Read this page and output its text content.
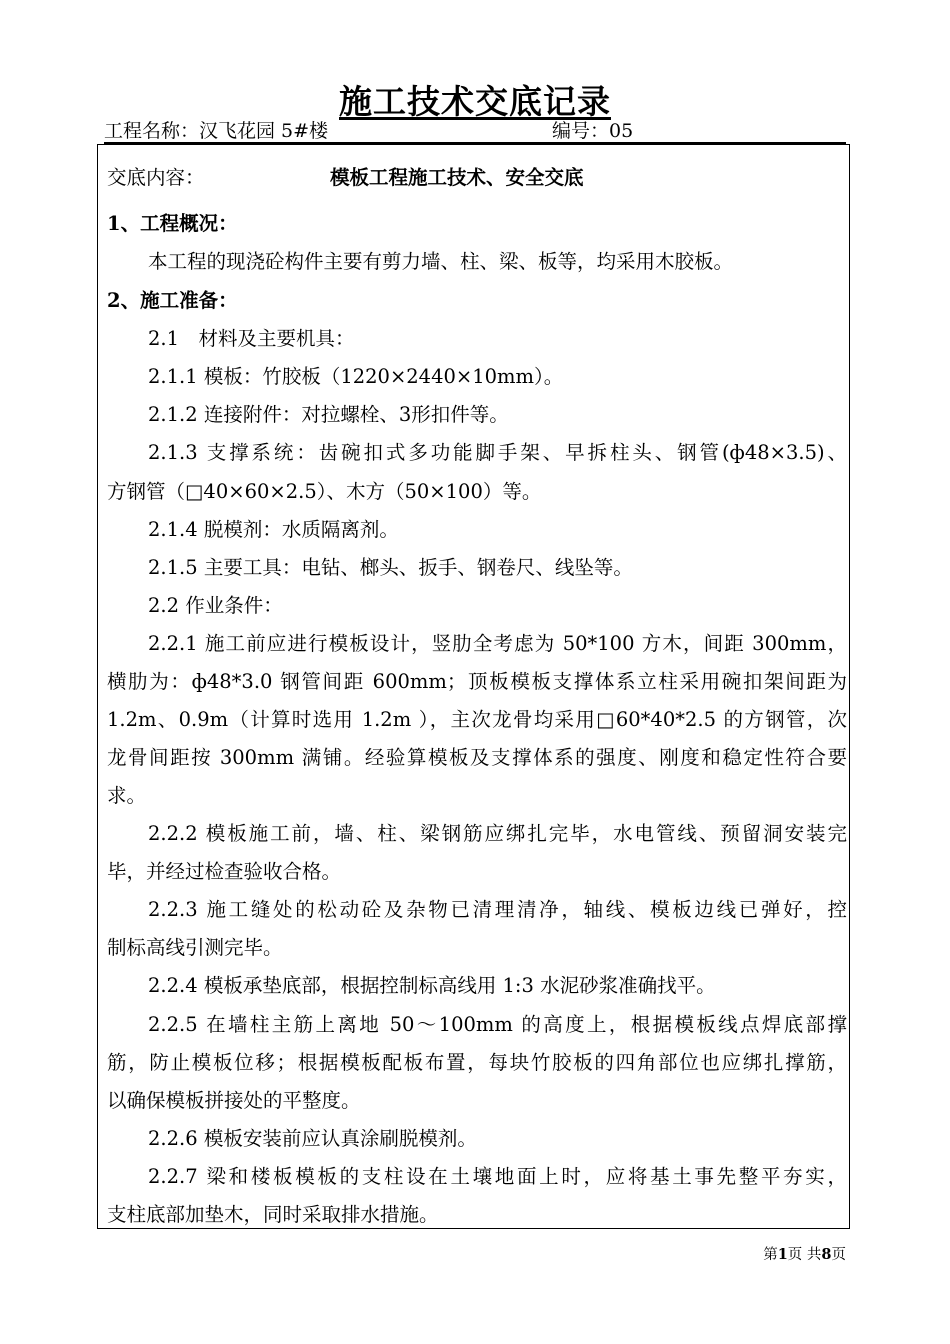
施工技术交底记录
工程名称：汉飞花园 5#楼	编号：05
交底内容：	模板工程施工技术、安全交底
1、工程概况：
本工程的现浇砼构件主要有剪力墙、柱、梁、板等，均采用木胶板。
2、施工准备：
2.1　材料及主要机具：
2.1.1 模板：竹胶板（1220×2440×10mm）。
2.1.2 连接附件：对拉螺栓、3形扣件等。
2.1.3 支撑系统：齿碗扣式多功能脚手架、早拆柱头、钢管(ф48×3.5)、
方钢管（□40×60×2.5）、木方（50×100）等。
2.1.4 脱模剂：水质隔离剂。
2.1.5 主要工具：电钻、榔头、扳手、钢卷尺、线坠等。
2.2 作业条件：
2.2.1 施工前应进行模板设计，竖肋全考虑为 50*100 方木，间距 300mm，
横肋为：ф48*3.0 钢管间距 600mm；顶板模板支撑体系立柱采用碗扣架间距为
1.2m、0.9m（计算时选用 1.2m ），主次龙骨均采用□60*40*2.5 的方钢管，次
龙骨间距按 300mm 满铺。经验算模板及支撑体系的强度、刚度和稳定性符合要
求。
2.2.2 模板施工前，墙、柱、梁钢筋应绑扎完毕，水电管线、预留洞安装完
毕，并经过检查验收合格。
2.2.3 施工缝处的松动砼及杂物已清理清净，轴线、模板边线已弹好，控
制标高线引测完毕。
2.2.4 模板承垫底部，根据控制标高线用 1:3 水泥砂浆准确找平。
2.2.5 在墙柱主筋上离地 50～100mm 的高度上，根据模板线点焊底部撑
筋，防止模板位移；根据模板配板布置，每块竹胶板的四角部位也应绑扎撑筋，
以确保模板拼接处的平整度。
2.2.6 模板安装前应认真涂刷脱模剂。
2.2.7 梁和楼板模板的支柱设在土壤地面上时，应将基土事先整平夯实，
支柱底部加垫木，同时采取排水措施。
第1页 共8页
